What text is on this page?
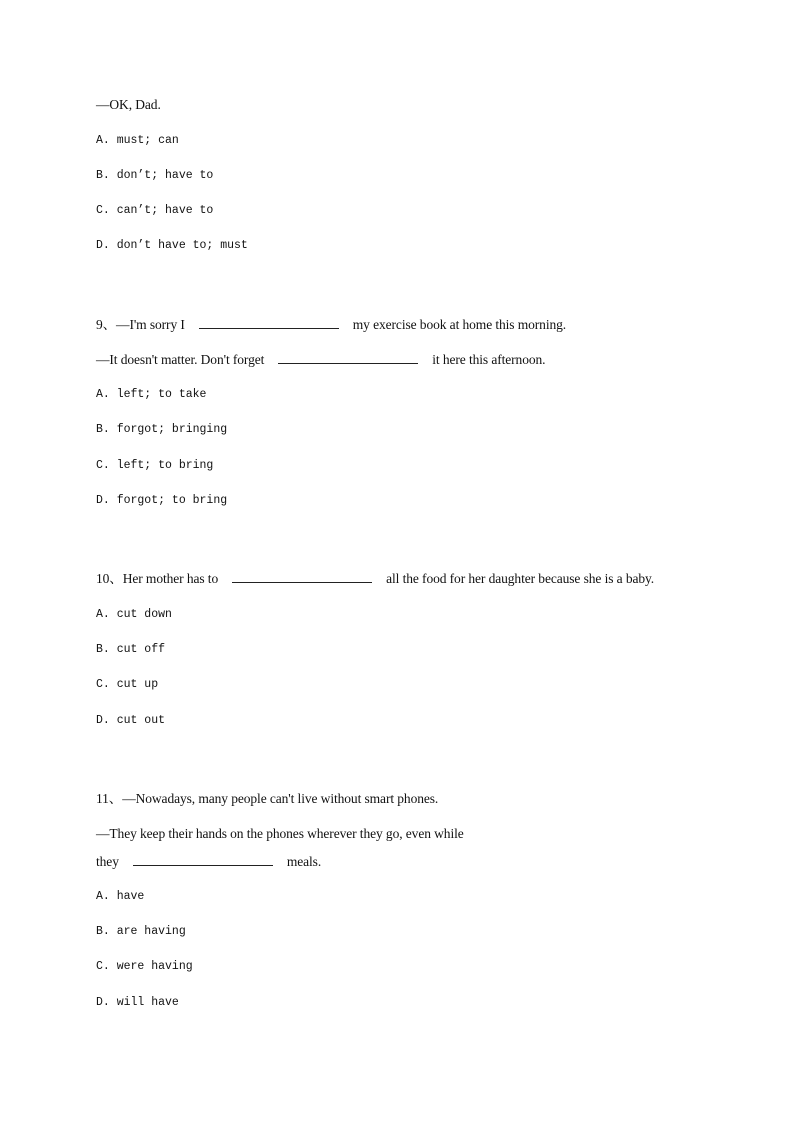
—OK, Dad.
A. must; can
B. don’t; have to
C. can’t; have to
D. don’t have to; must
9、—I'm sorry I	my exercise book at home this morning.
—It doesn't matter. Don't forget	it here this afternoon.
A. left; to take
B. forgot; bringing
C. left; to bring
D. forgot; to bring
10、Her mother has to	all the food for her daughter because she is a baby.
A. cut down
B. cut off
C. cut up
D. cut out
11、—Nowadays, many people can't live without smart phones.
—They keep their hands on the phones wherever they go, even while
they	meals.
A. have
B. are having
C. were having
D. will have
